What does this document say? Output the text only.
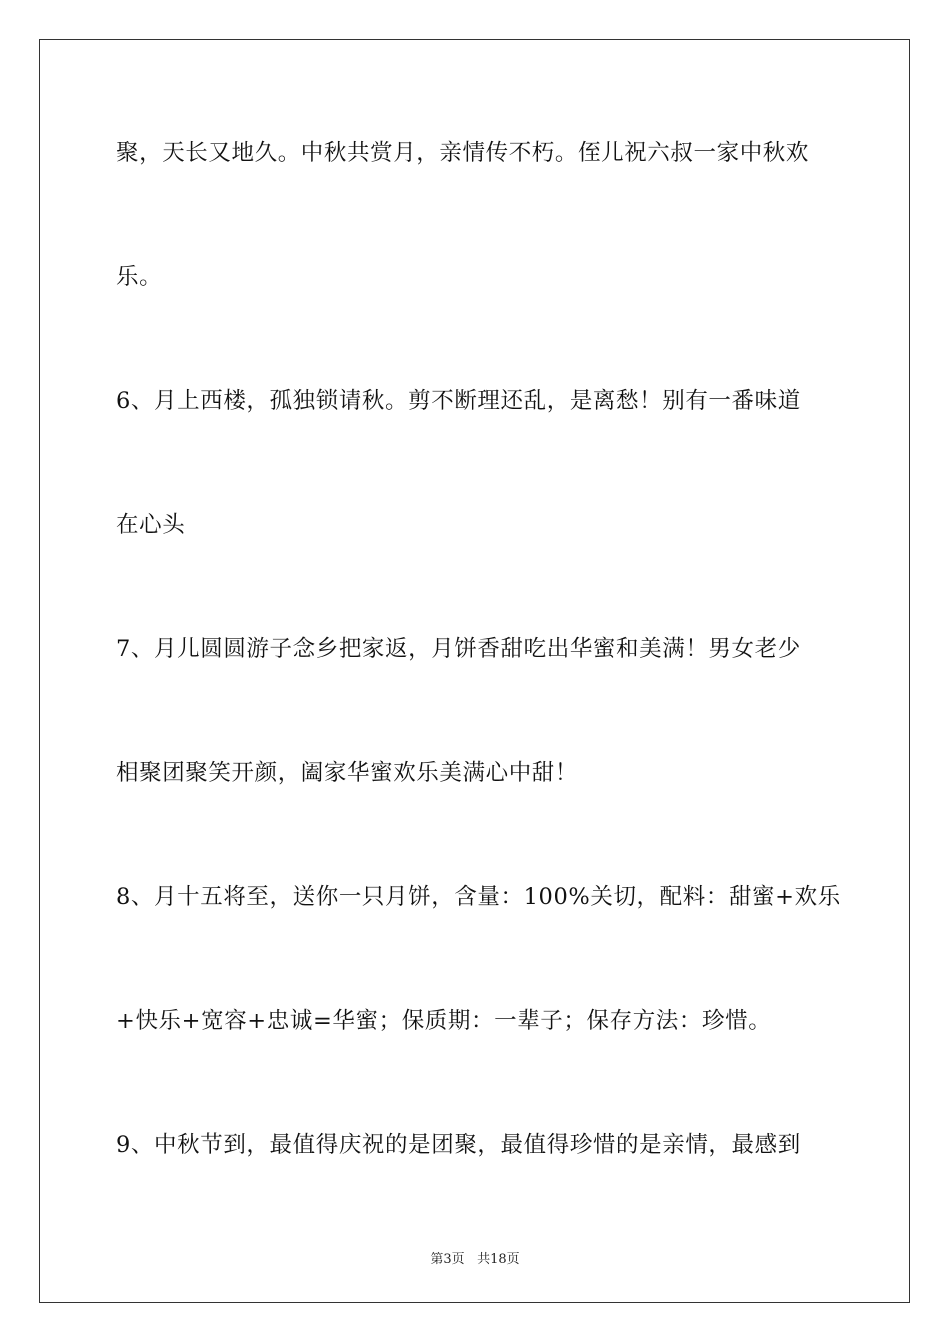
聚，天长又地久。中秋共赏月，亲情传不朽。侄儿祝六叔一家中秋欢
乐。
6、月上西楼，孤独锁请秋。剪不断理还乱，是离愁！别有一番味道
在心头
7、月儿圆圆游子念乡把家返，月饼香甜吃出华蜜和美满！男女老少
相聚团聚笑开颜，阖家华蜜欢乐美满心中甜！
8、月十五将至，送你一只月饼，含量：100%关切，配料：甜蜜+欢乐
+快乐+宽容+忠诚=华蜜；保质期：一辈子；保存方法：珍惜。
9、中秋节到，最值得庆祝的是团聚，最值得珍惜的是亲情，最感到
第3页 共18页
